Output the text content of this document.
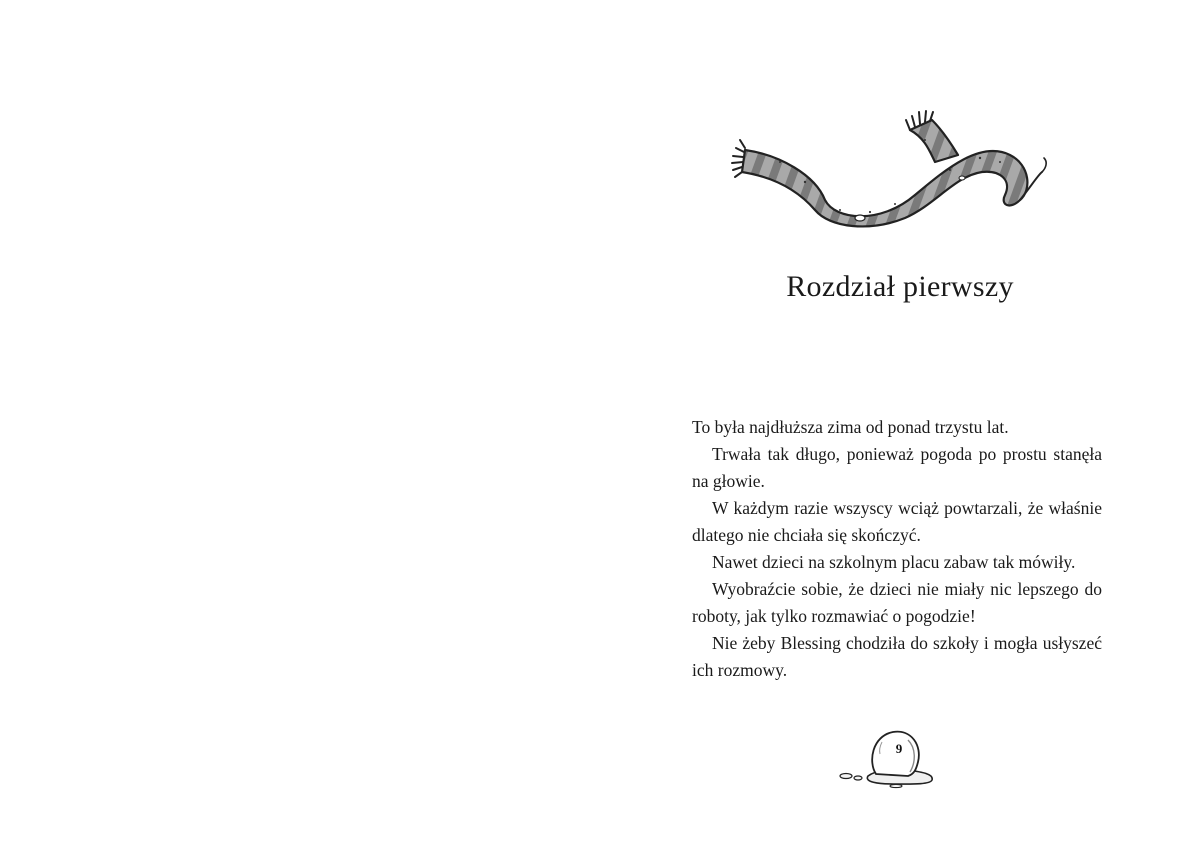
Rozdział pierwszy

To była najdłuższa zima od ponad trzystu lat.

Trwała tak długo, ponieważ pogoda po prostu stanęła na głowie.

W każdym razie wszyscy wciąż powtarzali, że właśnie dlatego nie chciała się skończyć.

Nawet dzieci na szkolnym placu zabaw tak mówiły.

Wyobraźcie sobie, że dzieci nie miały nic lepszego do roboty, jak tylko rozmawiać o pogodzie!

Nie żeby Blessing chodziła do szkoły i mogła usłyszeć ich rozmowy.

9
